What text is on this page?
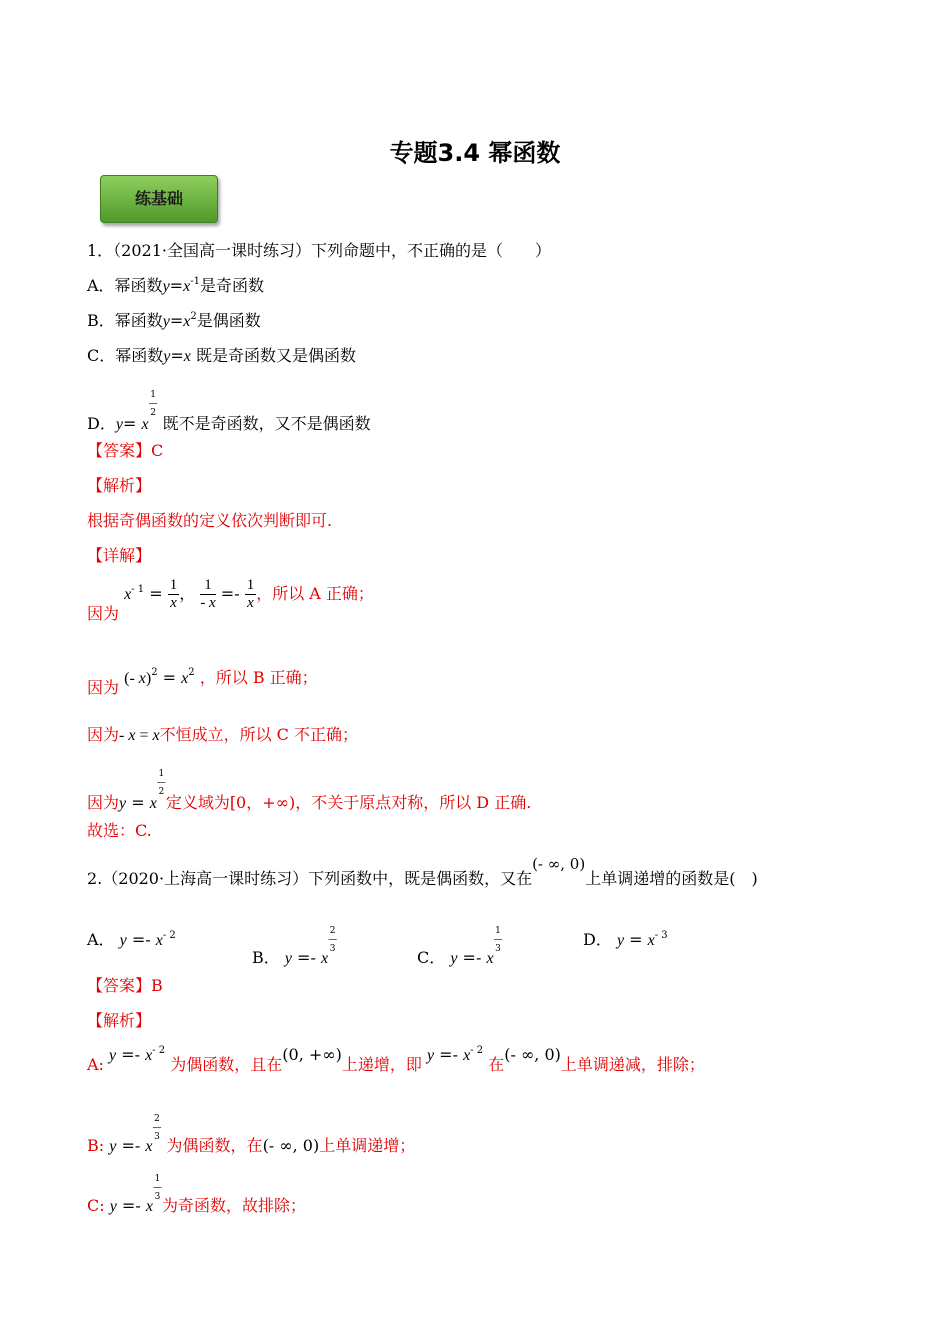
专题3.4 幂函数
练基础
1．（2021·全国高一课时练习）下列命题中，不正确的是（　　）
A．幂函数$y=x^{-1}$是奇函数
B．幂函数$y=x^2$是偶函数
C．幂函数y=x 既是奇函数又是偶函数
D．y= x1
—
2 既不是奇函数，又不是偶函数
【答案】C
【解析】
根据奇偶函数的定义依次判断即可.
【详解】
因为 $x^{- 1} = \frac{1}{x}$ ， $\frac{1}{- x} =- \frac{1}{x}$ ，所以 A 正确；
因为 (- $x)^2 = x^2$ ，所以 B 正确；
因为- x = x不恒成立，所以 C 不正确；
因为y = x1
—
2定义域为[0，+∞)，不关于原点对称，所以 D 正确.
故选：C.
2.（2020·上海高一课时练习）下列函数中，既是偶函数，又在(- ∞, 0)上单调递增的函数是(　)
A． $y =- x^{- 2}$
B． y =- x2
—
3	C． y =- x1
—
3	D． $y = x^{- 3}$
【答案】B
【解析】
A: $y =- x^{- 2}$ 为偶函数，且在(0, +∞)上递增，即 $y =- x^{- 2}$ 在(- ∞, 0)上单调递减，排除；
B: y =- x2
—
3 为偶函数，在(- ∞, 0)上单调递增；
C: y =- x1
—
3 为奇函数，故排除；
